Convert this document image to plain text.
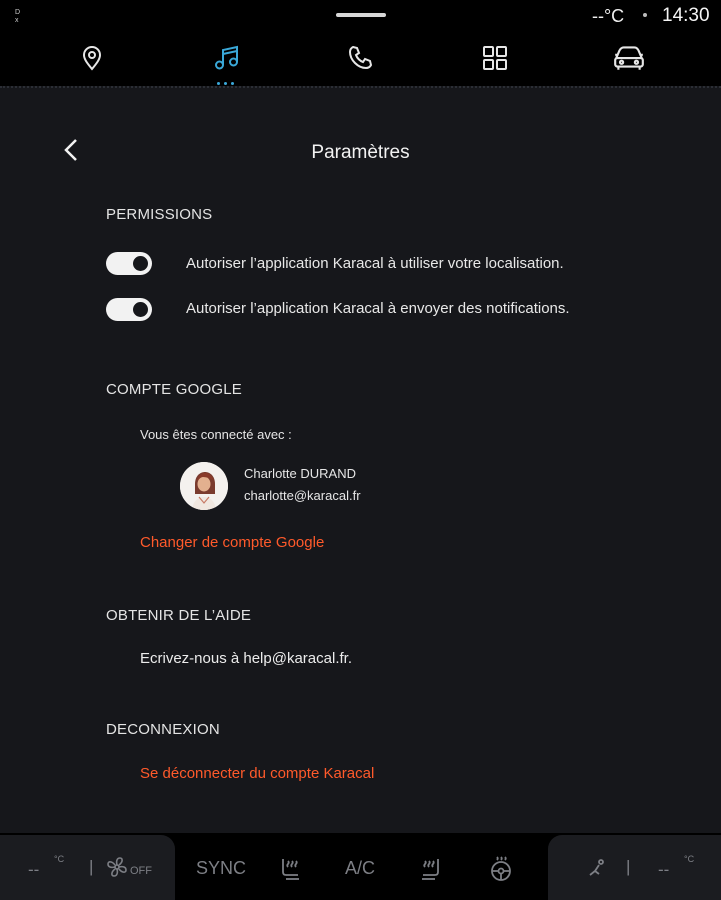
D
x	--°C 14:30
Paramètres
PERMISSIONS
Autoriser l’application Karacal à utiliser votre localisation.
Autoriser l’application Karacal à envoyer des notifications.
COMPTE GOOGLE
Vous êtes connecté avec :
Charlotte DURAND
charlotte@karacal.fr
Changer de compte Google
OBTENIR DE L’AIDE
Ecrivez-nous à help@karacal.fr.
DECONNEXION
Se déconnecter du compte Karacal
--
°C |	OFF SYNC	A/C	| --
°C
